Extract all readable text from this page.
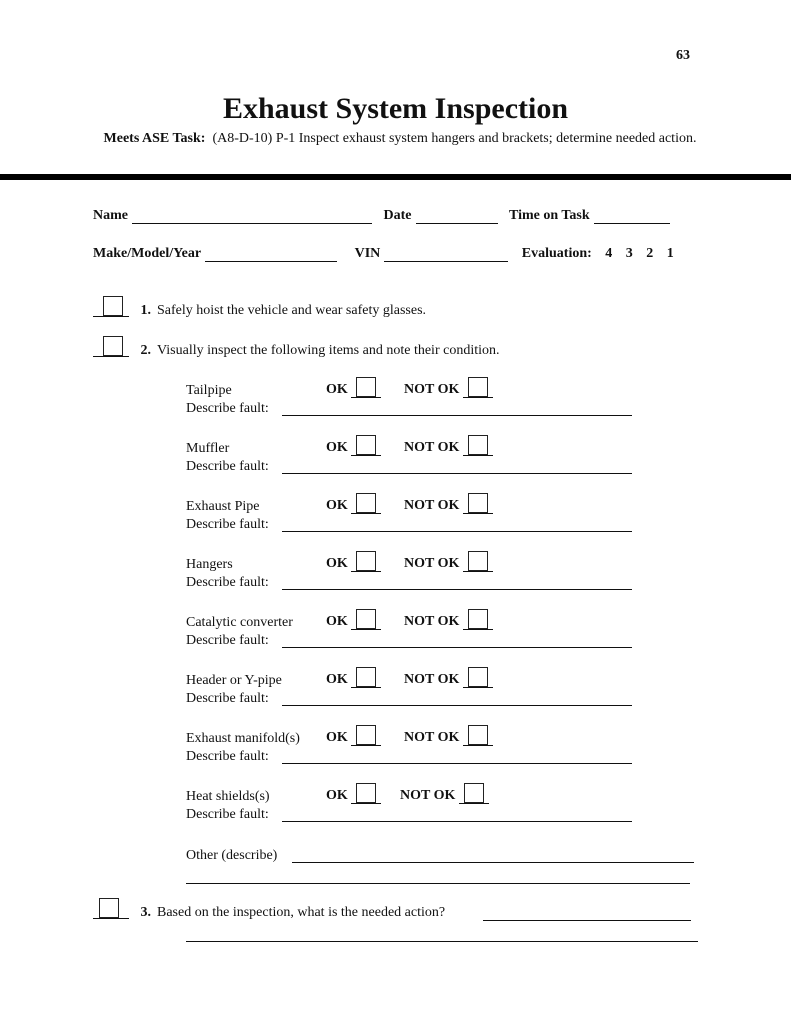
63
Exhaust System Inspection
Meets ASE Task: (A8-D-10) P-1 Inspect exhaust system hangers and brackets; determine needed action.
Name	Date	Time on Task
Make/Model/Year	VIN	Evaluation: 4 3 2 1
1. Safely hoist the vehicle and wear safety glasses.
2. Visually inspect the following items and note their condition.
Tailpipe	OK	NOT OK
Describe fault:
Muffler	OK	NOT OK
Describe fault:
Exhaust Pipe	OK	NOT OK
Describe fault:
Hangers	OK	NOT OK
Describe fault:
Catalytic converter OK	NOT OK
Describe fault:
Header or Y-pipe	OK	NOT OK
Describe fault:
Exhaust manifold(s) OK	NOT OK
Describe fault:
Heat shields(s)	OK	NOT OK
Describe fault:
Other (describe)
3. Based on the inspection, what is the needed action?
